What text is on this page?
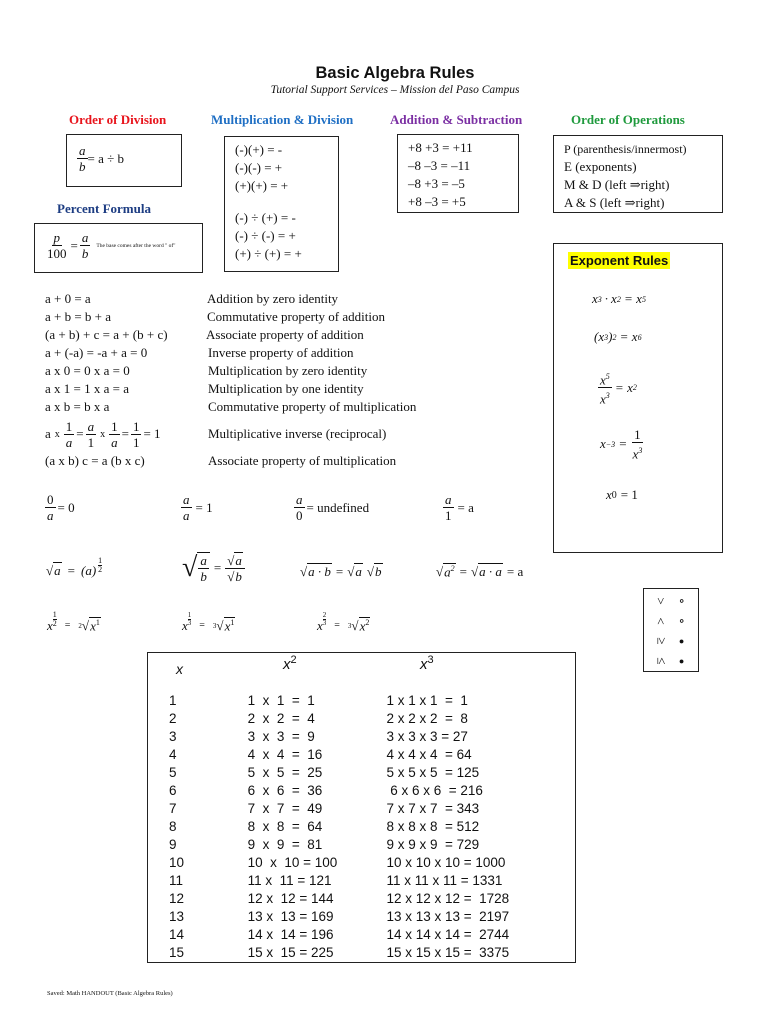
Basic Algebra Rules
Tutorial Support Services – Mission del Paso Campus
Order of Division	Multiplication & Division	Addition & Subtraction	Order of Operations
$\frac{a}{b} = a \div b$
(-)(+) = -
(-)(-) = +
(+)(+) = +
(-) ÷ (+) = -
(-) ÷ (-) = +
(+) ÷ (+) = +
+8 +3 = +11
–8 –3 = –11
–8 +3 = –5
+8 –3 = +5
P (parenthesis/innermost)
E (exponents)
M & D (left ⇒right)
A & S (left ⇒right)
Percent Formula
$\frac{p}{100} = \frac{a}{b}$ The base comes after the word " of"
Exponent Rules
x 3 · x 2 = x 5
(x 3 ) 2 = x 6
$\frac{x^5}{x^3} = x$ 2
$x -3 = \frac{1}{x^3}$
x 0 = 1
a + 0 = a	Addition by zero identity
a + b = b + a	Commutative property of addition
(a + b) + c = a + (b + c)	Associate property of addition
a + (-a) = -a + a = 0	Inverse property of addition
a x 0 = 0 x a = 0	Multiplication by zero identity
a x 1 = 1 x a = a	Multiplication by one identity
a x b = b x a	Commutative property of multiplication
a x $\frac{1}{a} = \frac{a}{1}$ x $\frac{1}{a} = \frac{1}{1} = 1$	Multiplicative inverse (reciprocal)
(a x b) c = a (b x c)	Associate property of multiplication
$\frac{0}{a} = 0$	$\frac{a}{a} = 1$	$\frac{a}{0}$ = undefined	$\frac{a}{1} = a$
√ a = (a)
1
2	√ $\frac{a}{b} = \frac{√a}{√b}$	√ a · b = √ a √ b	√ $a^2$ = √ a · a = a
x $\frac{1}{2} = 2$ √ $x^1$	x $\frac{1}{3} = 3$ √ $x^1$	x $\frac{2}{3} = 3$ √ $x^2$
> ∘
< ∘
≥ ●
≤ ●
x	$x^2$	$x^3$
1	1  x  1  =  1	1 x 1 x 1  =  1
2	2  x  2  =  4	2 x 2 x 2  =  8
3	3  x  3  =  9	3 x 3 x 3 = 27
4	4  x  4  =  16	4 x 4 x 4  = 64
5	5  x  5  =  25	5 x 5 x 5  = 125
6	6  x  6  =  36	6 x 6 x 6  = 216
7	7  x  7  =  49	7 x 7 x 7  = 343
8	8  x  8  =  64	8 x 8 x 8  = 512
9	9  x  9  =  81	9 x 9 x 9  = 729
10	10  x  10 = 100	10 x 10 x 10 = 1000
11	11 x  11 = 121	11 x 11 x 11 = 1331
12	12 x  12 = 144	12 x 12 x 12 =  1728
13	13 x  13 = 169	13 x 13 x 13 =  2197
14	14 x  14 = 196	14 x 14 x 14 =  2744
15	15 x  15 = 225	15 x 15 x 15 =  3375
Saved: Math HANDOUT (Basic Algebra Rules)
